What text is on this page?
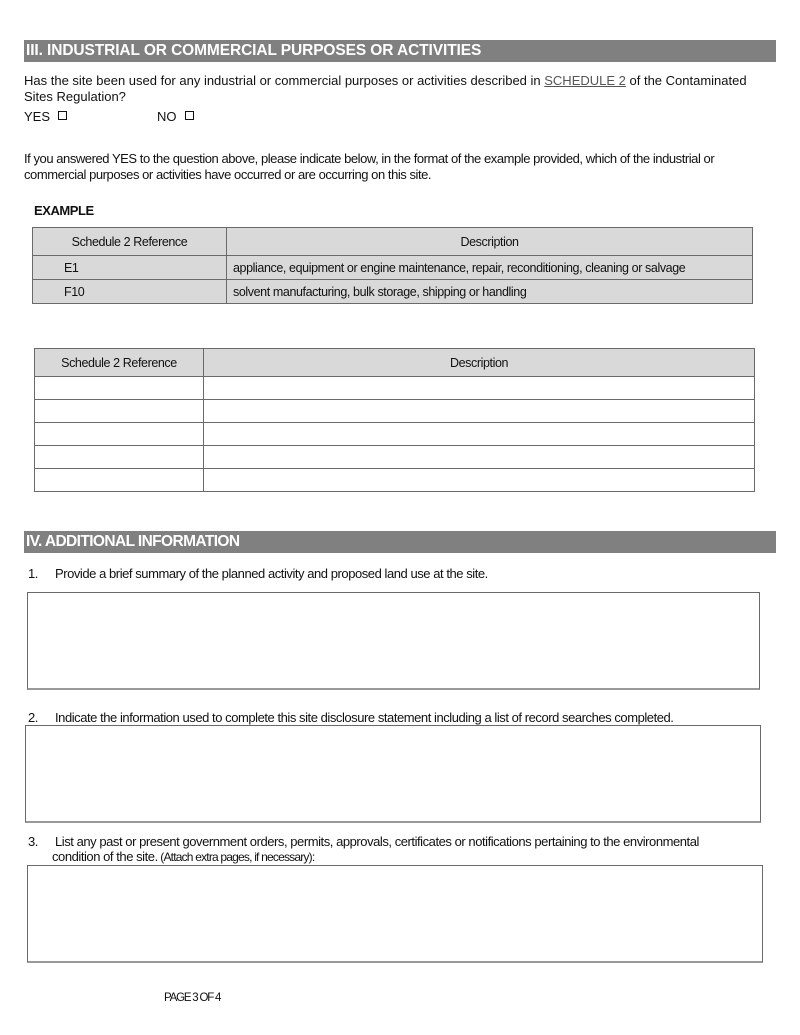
III. INDUSTRIAL OR COMMERCIAL PURPOSES OR ACTIVITIES
Has the site been used for any industrial or commercial purposes or activities described in SCHEDULE 2 of the Contaminated Sites Regulation?
YES	NO
If you answered YES to the question above, please indicate below, in the format of the example provided, which of the industrial or commercial purposes or activities have occurred or are occurring on this site.
EXAMPLE
Schedule 2 Reference	Description
E1	appliance, equipment or engine maintenance, repair, reconditioning, cleaning or salvage
F10	solvent manufacturing, bulk storage, shipping or handling
Schedule 2 Reference	Description

IV. ADDITIONAL INFORMATION
1. Provide a brief summary of the planned activity and proposed land use at the site.
2. Indicate the information used to complete this site disclosure statement including a list of record searches completed.
3. List any past or present government orders, permits, approvals, certificates or notifications pertaining to the environmental
condition of the site. (Attach extra pages, if necessary):
PAGE 3 OF 4
